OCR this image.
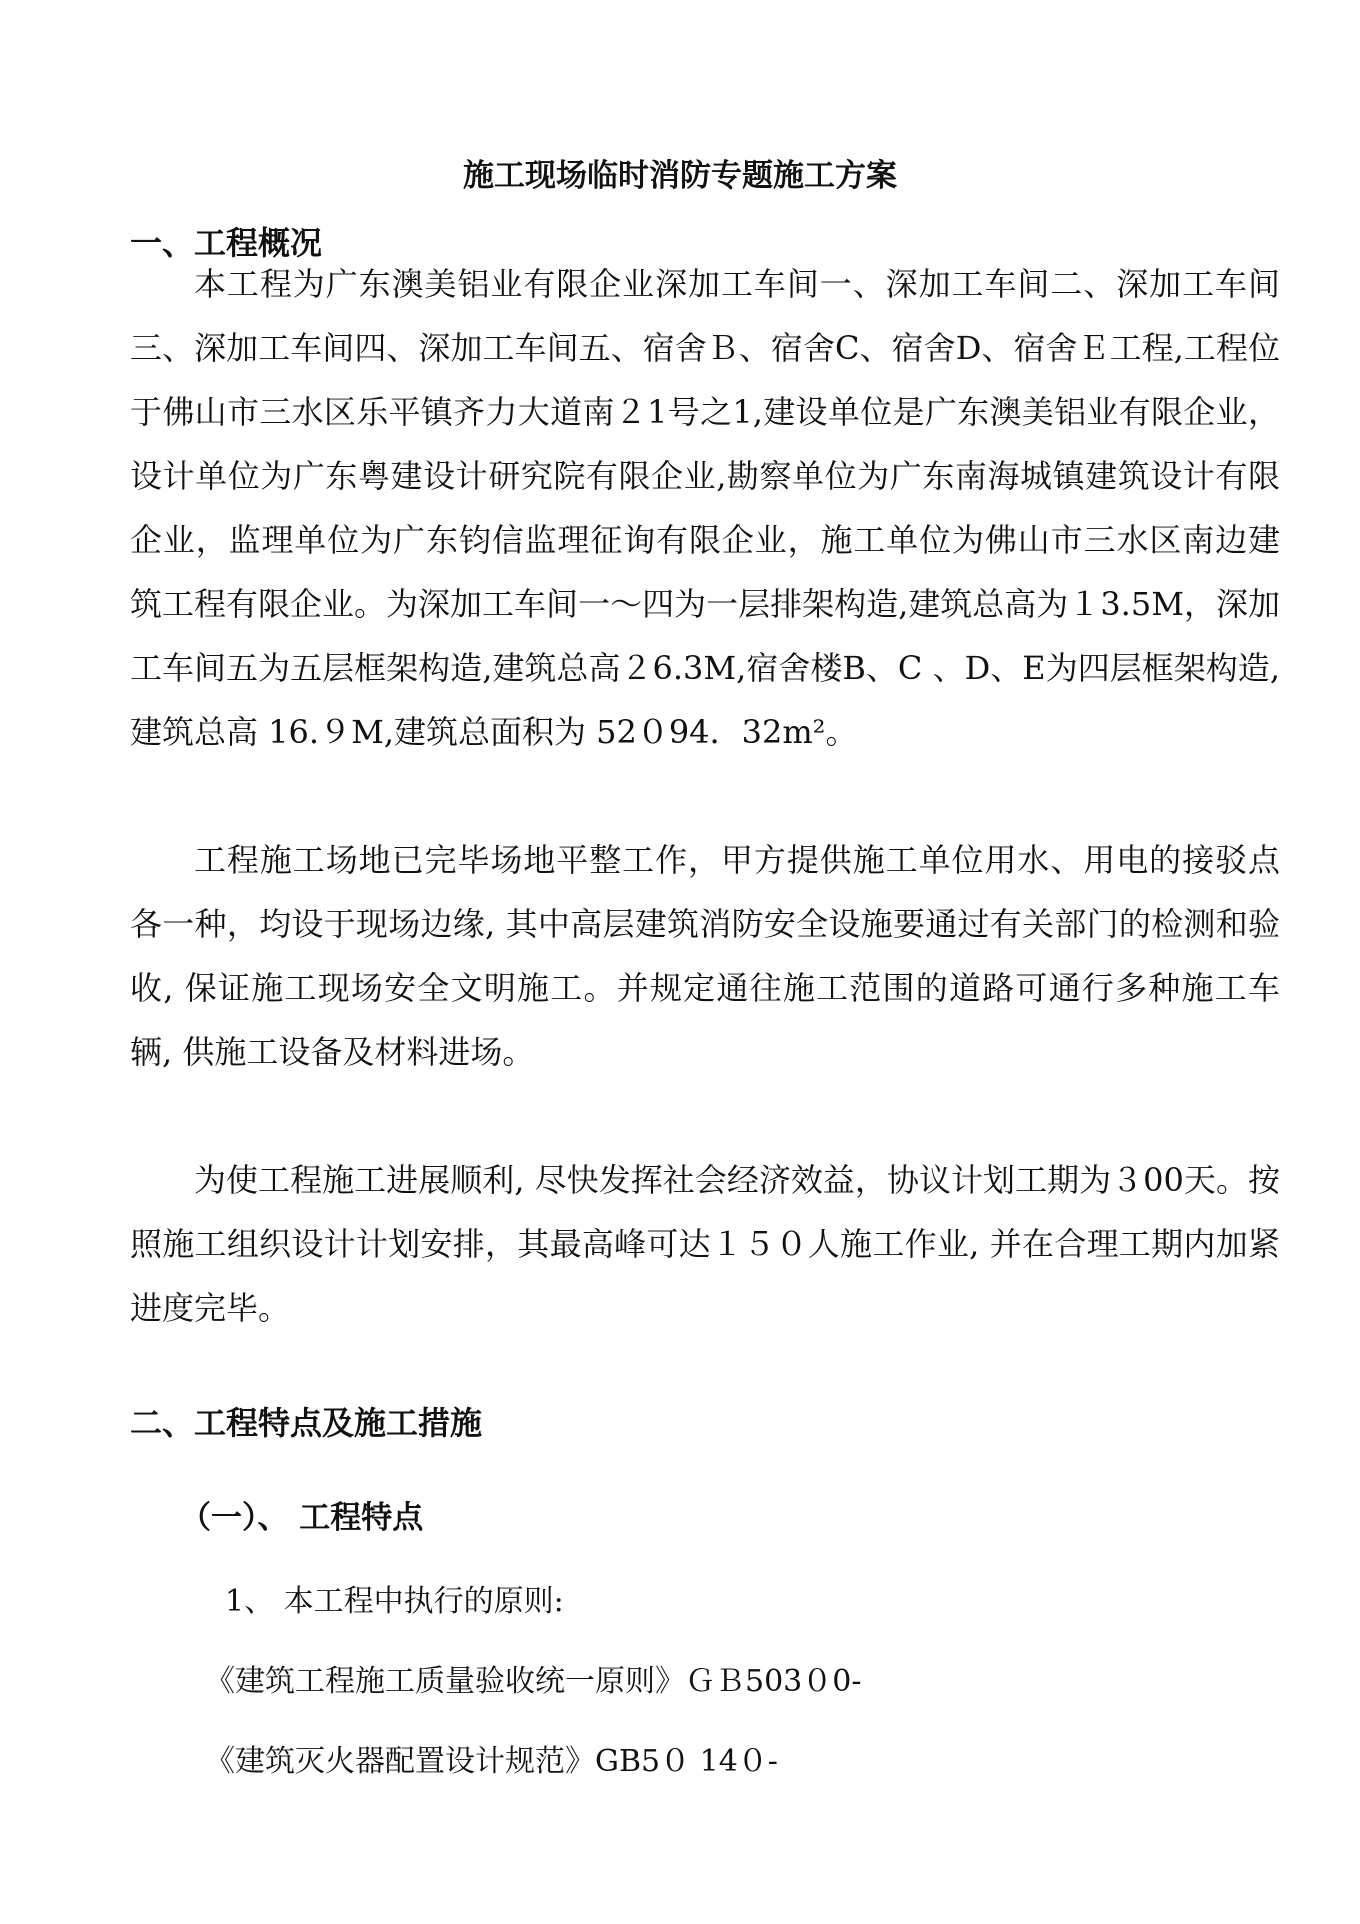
施工现场临时消防专题施工方案
一、工程概况

本工程为广东澳美铝业有限企业深加工车间一、深加工车间二、深加工车间三、深加工车间四、深加工车间五、宿舍Ｂ、宿舍C、宿舍D、宿舍Ｅ工程,工程位于佛山市三水区乐平镇齐力大道南２1号之1,建设单位是广东澳美铝业有限企业，设计单位为广东粤建设计研究院有限企业,勘察单位为广东南海城镇建筑设计有限企业，监理单位为广东钧信监理征询有限企业，施工单位为佛山市三水区南边建筑工程有限企业。为深加工车间一～四为一层排架构造,建筑总高为１3.5M，深加工车间五为五层框架构造,建筑总高２6.3M,宿舍楼B、C 、D、E为四层框架构造,建筑总高 16.９M,建筑总面积为 52０94．32m²。

工程施工场地已完毕场地平整工作，甲方提供施工单位用水、用电的接驳点各一种，均设于现场边缘, 其中高层建筑消防安全设施要通过有关部门的检测和验收, 保证施工现场安全文明施工。并规定通往施工范围的道路可通行多种施工车辆, 供施工设备及材料进场。

为使工程施工进展顺利, 尽快发挥社会经济效益，协议计划工期为３00天。按照施工组织设计计划安排，其最高峰可达１５０人施工作业, 并在合理工期内加紧进度完毕。

二、工程特点及施工措施
（一）、 工程特点
1、 本工程中执行的原则:
《建筑工程施工质量验收统一原则》ＧＢ503０0-
《建筑灭火器配置设计规范》GB5０ 14０-
